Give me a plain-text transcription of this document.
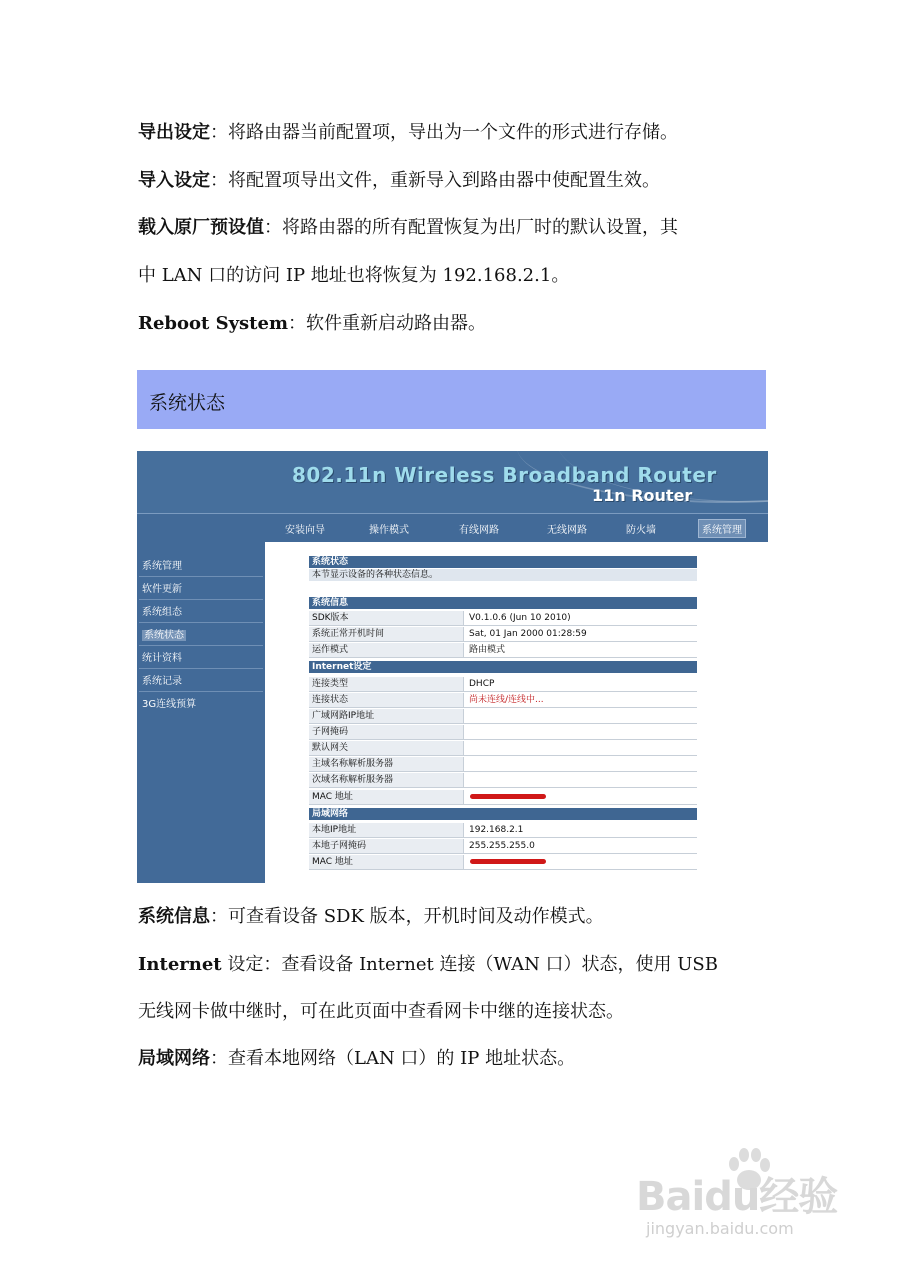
导出设定：将路由器当前配置项，导出为一个文件的形式进行存储。
导入设定：将配置项导出文件，重新导入到路由器中使配置生效。
载入原厂预设值：将路由器的所有配置恢复为出厂时的默认设置，其
中 LAN 口的访问 IP 地址也将恢复为 192.168.2.1。
Reboot System：软件重新启动路由器。
系统状态
802.11n Wireless Broadband Router
11n Router
安装向导	操作模式	有线网路	无线网路	防火墙	系统管理
系统管理
软件更新
系统组态
系统状态
统计资料
系统记录
3G连线预算
系统状态
本节显示设备的各种状态信息。
系统信息
SDK版本	V0.1.0.6 (Jun 10 2010)
系统正常开机时间	Sat, 01 Jan 2000 01:28:59
运作模式	路由模式
Internet设定
连接类型	DHCP
连接状态	尚未连线/连线中...
广域网路IP地址
子网掩码
默认网关
主域名称解析服务器
次域名称解析服务器
MAC 地址
局域网络
本地IP地址	192.168.2.1
本地子网掩码	255.255.255.0
MAC 地址
系统信息：可查看设备 SDK 版本，开机时间及动作模式。
Internet 设定：查看设备 Internet 连接（WAN 口）状态，使用 USB
无线网卡做中继时，可在此页面中查看网卡中继的连接状态。
局域网络：查看本地网络（LAN 口）的 IP 地址状态。
Baidu经验
jingyan.baidu.com
